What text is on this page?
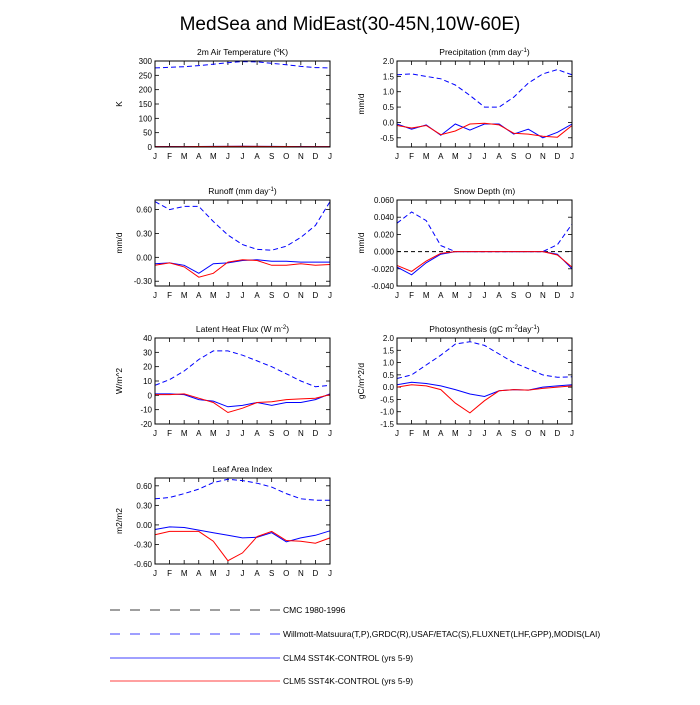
MedSea and MidEast(30-45N,10W-60E)
2m Air Temperature ($^o$K)
K
0
50
100
150
200
250
300
J F M A M J J A S O N D J
Precipitation (mm day$^{-1}$)
mm/d
-0.5
0.0
0.5
1.0
1.5
2.0
J F M A M J J A S O N D J
Runoff (mm day$^{-1}$)
mm/d
-0.30
0.00
0.30
0.60
J F M A M J J A S O N D J
Snow Depth (m)
mm/d
-0.040
-0.020
0.000
0.020
0.040
0.060
J F M A M J J A S O N D J
Latent Heat Flux (W $m^{-2}$)
W/m^2
-20
-10
0
10
20
30
40
J F M A M J J A S O N D J
Photosynthesis (gC $m^{-2}day^{-1}$)
gC/m^2/d
-1.5
-1.0
-0.5
0.0
0.5
1.0
1.5
2.0
J F M A M J J A S O N D J
Leaf Area Index
m2/m2
-0.60
-0.30
0.00
0.30
0.60
J F M A M J J A S O N D J
CMC 1980-1996
Willmott-Matsuura(T,P),GRDC(R),USAF/ETAC(S),FLUXNET(LHF,GPP),MODIS(LAI)
CLM4 SST4K-CONTROL (yrs 5-9)
CLM5 SST4K-CONTROL (yrs 5-9)
